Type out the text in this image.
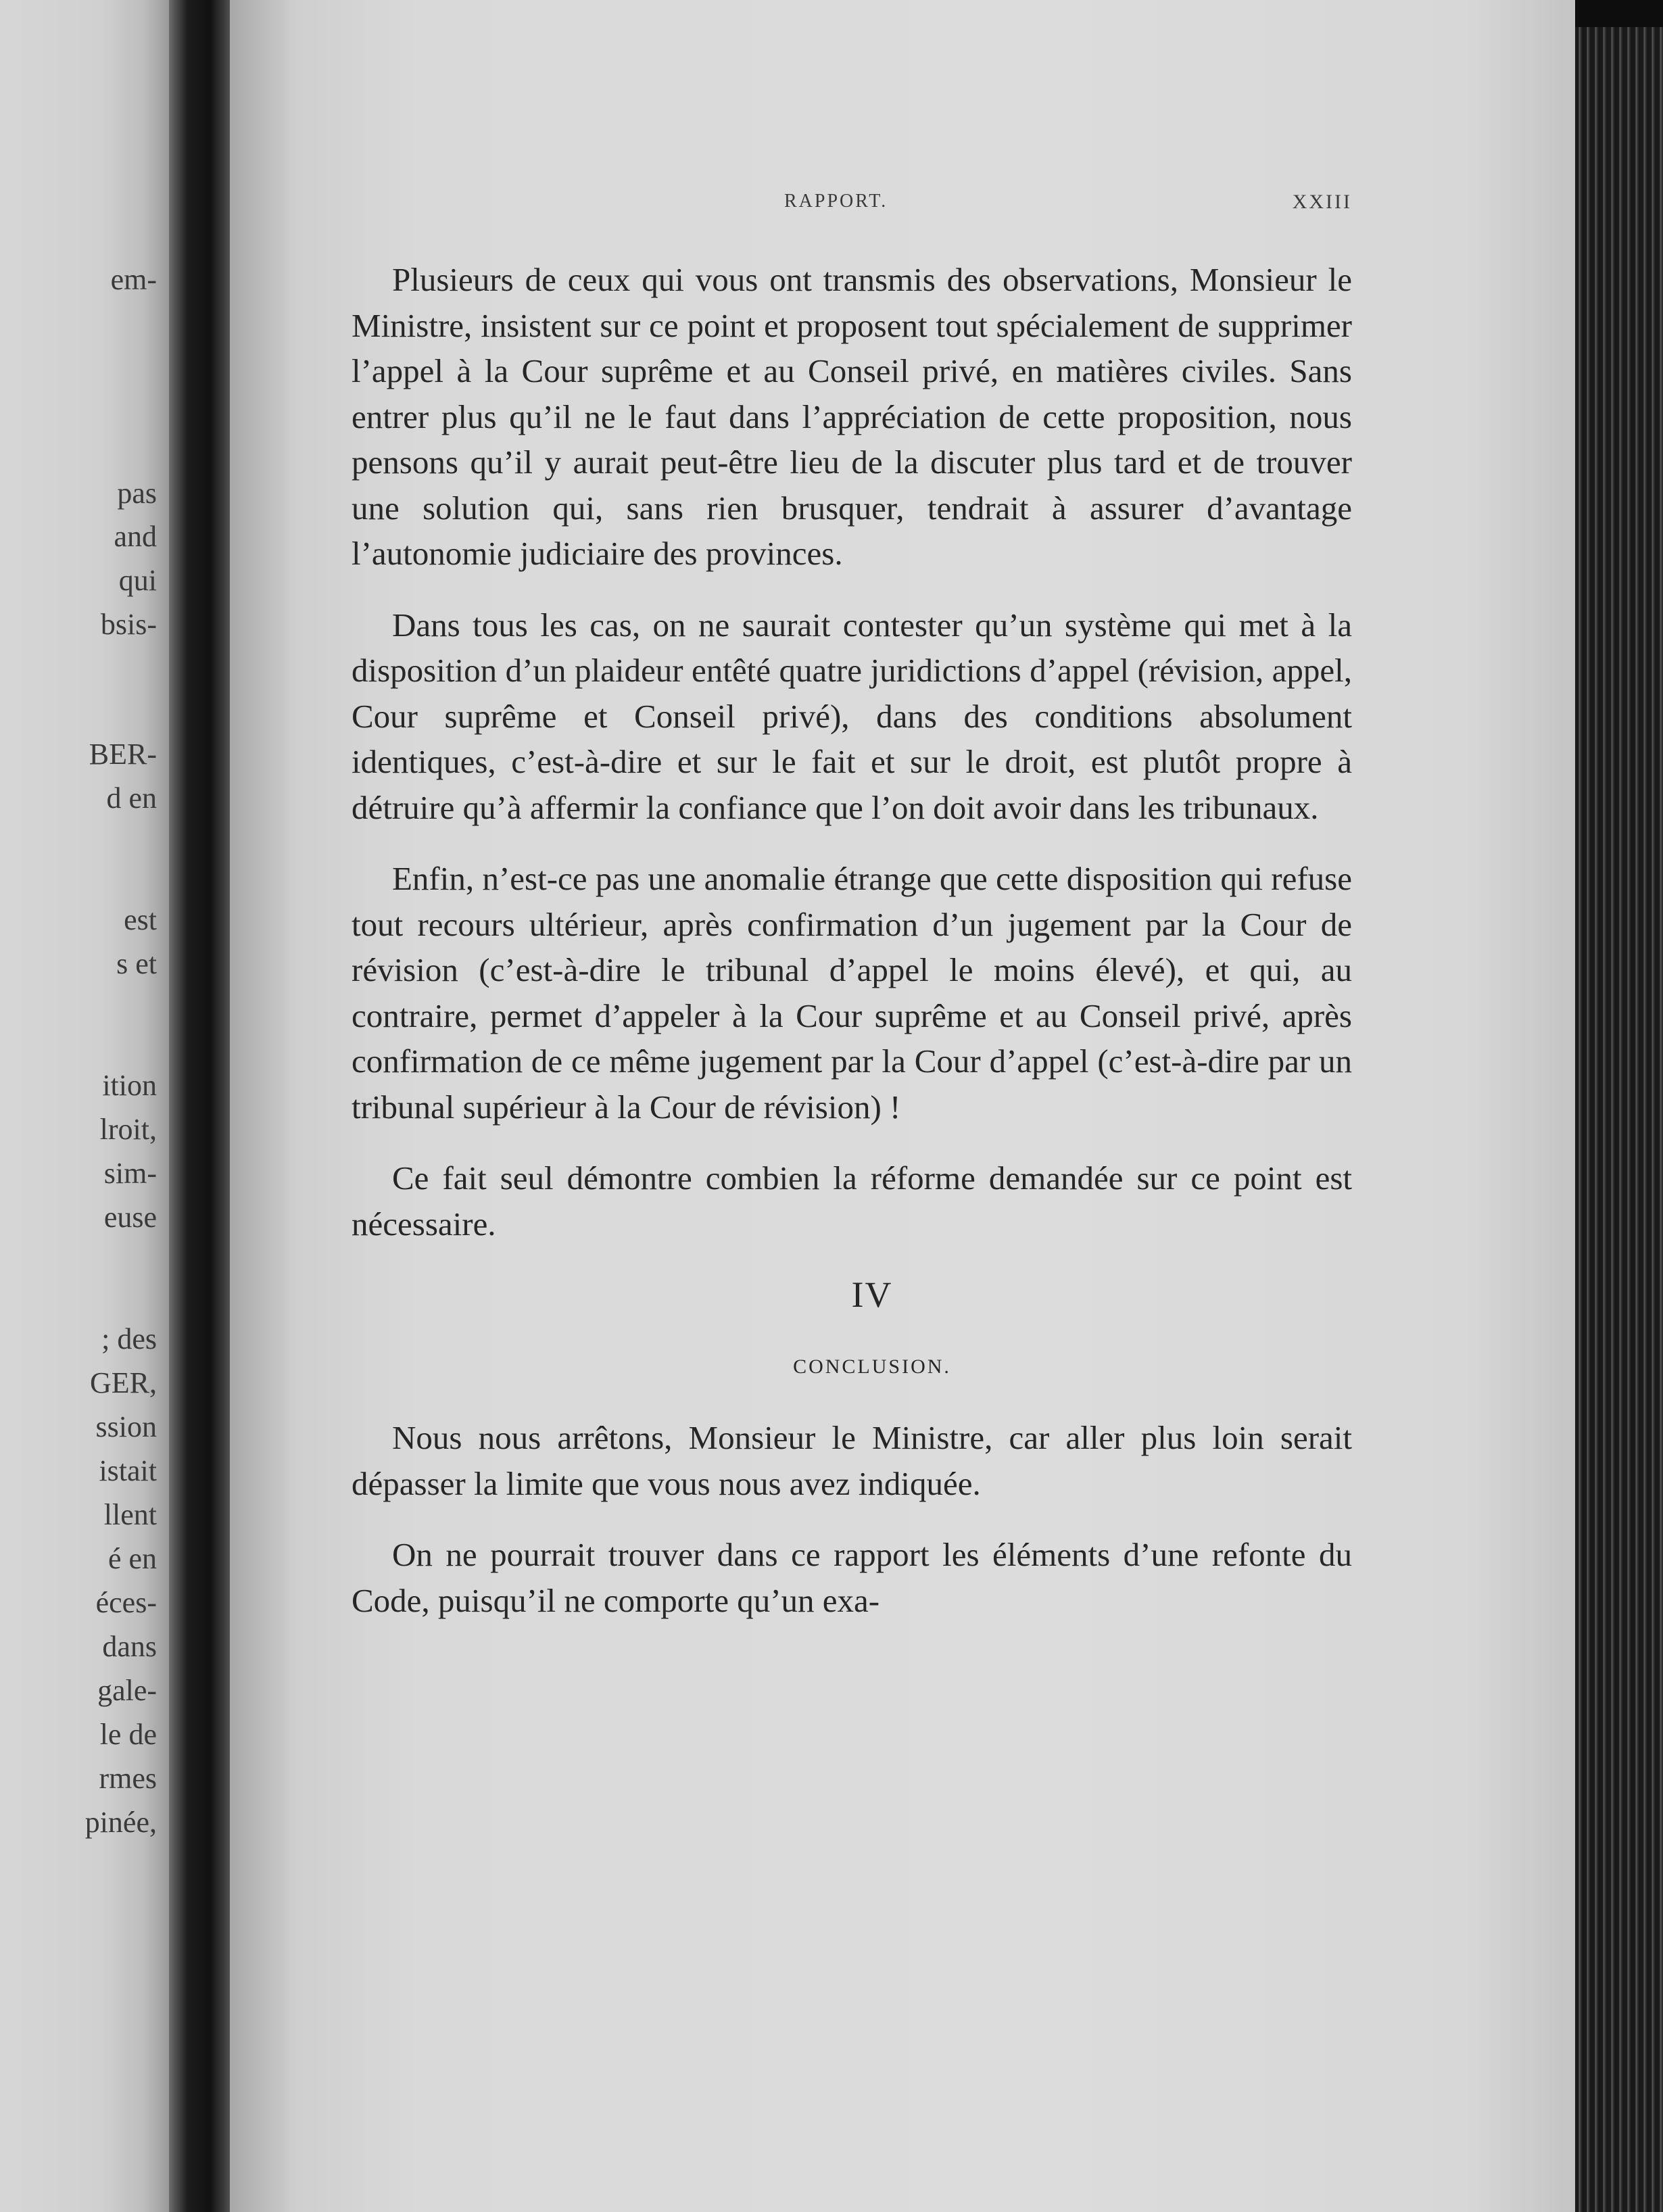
em-
pas
and
qui
bsis-
BER-
d en
est
s et
ition
lroit,
sim-
euse
; des
GER,
ssion
istait
llent
é en
éces-
dans
gale-
le de
rmes
pinée,
RAPPORT.	XXIII

Plusieurs de ceux qui vous ont transmis des observations, Monsieur le Ministre, insistent sur ce point et proposent tout spécialement de supprimer l’appel à la Cour suprême et au Conseil privé, en matières civiles. Sans entrer plus qu’il ne le faut dans l’appréciation de cette proposition, nous pensons qu’il y aurait peut-être lieu de la discuter plus tard et de trouver une solution qui, sans rien brusquer, tendrait à assurer d’avantage l’autonomie judiciaire des provinces.

Dans tous les cas, on ne saurait contester qu’un système qui met à la disposition d’un plaideur entêté quatre juridictions d’appel (révision, appel, Cour suprême et Conseil privé), dans des conditions absolument identiques, c’est-à-dire et sur le fait et sur le droit, est plutôt propre à détruire qu’à affermir la confiance que l’on doit avoir dans les tribunaux.

Enfin, n’est-ce pas une anomalie étrange que cette disposition qui refuse tout recours ultérieur, après confirmation d’un jugement par la Cour de révision (c’est-à-dire le tribunal d’appel le moins élevé), et qui, au contraire, permet d’appeler à la Cour suprême et au Conseil privé, après confirmation de ce même jugement par la Cour d’appel (c’est-à-dire par un tribunal supérieur à la Cour de révision) !

Ce fait seul démontre combien la réforme demandée sur ce point est nécessaire.

IV

CONCLUSION.

Nous nous arrêtons, Monsieur le Ministre, car aller plus loin serait dépasser la limite que vous nous avez indiquée.

On ne pourrait trouver dans ce rapport les éléments d’une refonte du Code, puisqu’il ne comporte qu’un exa-
